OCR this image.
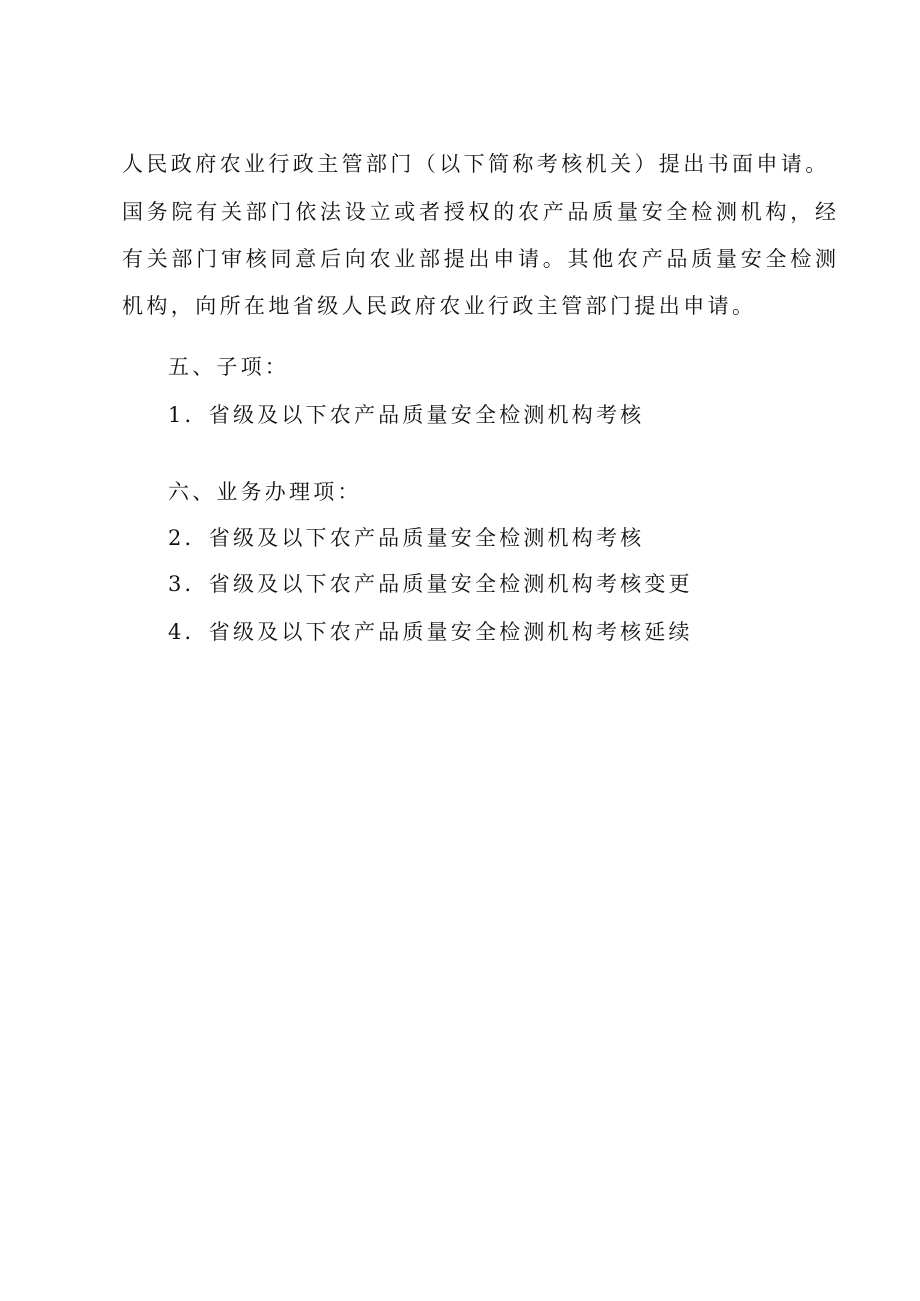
人民政府农业行政主管部门（以下简称考核机关）提出书面申请。
国务院有关部门依法设立或者授权的农产品质量安全检测机构，经
有关部门审核同意后向农业部提出申请。其他农产品质量安全检测
机构，向所在地省级人民政府农业行政主管部门提出申请。
五、子项：
1．省级及以下农产品质量安全检测机构考核
六、业务办理项：
2．省级及以下农产品质量安全检测机构考核
3．省级及以下农产品质量安全检测机构考核变更
4．省级及以下农产品质量安全检测机构考核延续
